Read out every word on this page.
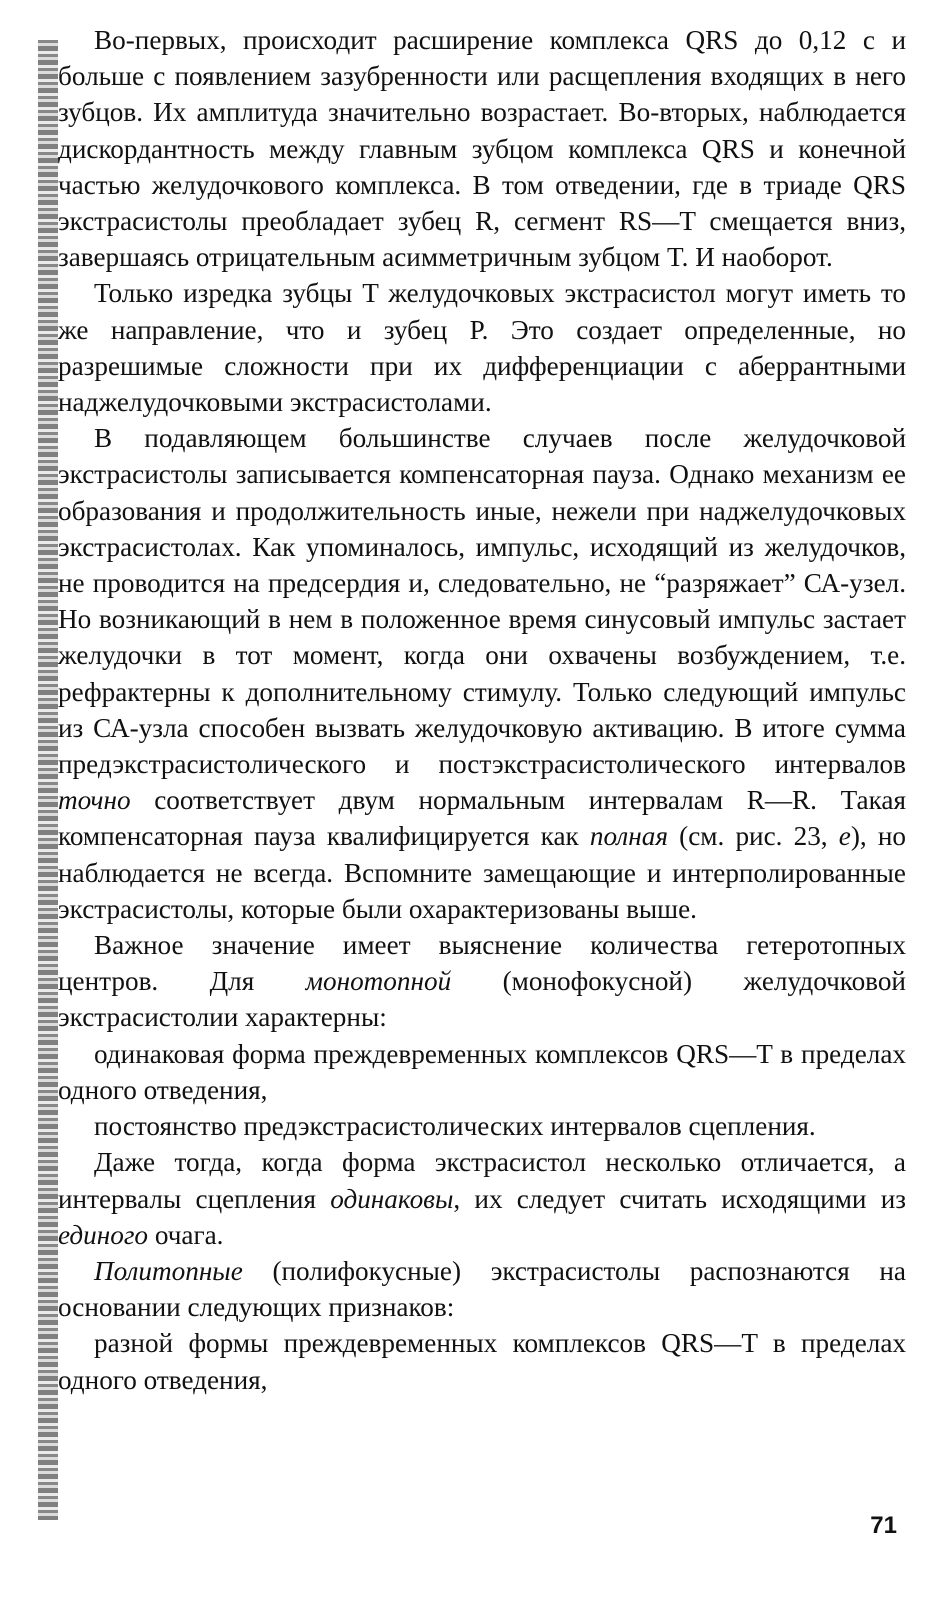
Во-первых, происходит расширение комплекса QRS до 0,12 с и больше с появлением зазубренности или расщепления входящих в него зубцов. Их амплитуда значительно возрастает. Во-вторых, наблюдается дискордантность между главным зубцом комплекса QRS и конечной частью желудочкового комплекса. В том отведении, где в триаде QRS экстрасистолы преобладает зубец R, сегмент RS—T смещается вниз, завершаясь отрицательным асимметричным зубцом T. И наоборот.

Только изредка зубцы T желудочковых экстрасистол могут иметь то же направление, что и зубец P. Это создает определенные, но разрешимые сложности при их дифференциации с аберрантными наджелудочковыми экстрасистолами.

В подавляющем большинстве случаев после желудочковой экстрасистолы записывается компенсаторная пауза. Однако механизм ее образования и продолжительность иные, нежели при наджелудочковых экстрасистолах. Как упоминалось, импульс, исходящий из желудочков, не проводится на предсердия и, следовательно, не “разряжает” СА-узел. Но возникающий в нем в положенное время синусовый импульс застает желудочки в тот момент, когда они охвачены возбуждением, т.е. рефрактерны к дополнительному стимулу. Только следующий импульс из СА-узла способен вызвать желудочковую активацию. В итоге сумма предэкстрасистолического и постэкстрасистолического интервалов точно соответствует двум нормальным интервалам R—R. Такая компенсаторная пауза квалифицируется как полная (см. рис. 23, е), но наблюдается не всегда. Вспомните замещающие и интерполированные экстрасистолы, которые были охарактеризованы выше.

Важное значение имеет выяснение количества гетеротопных центров. Для монотопной (монофокусной) желудочковой экстрасистолии характерны:

одинаковая форма преждевременных комплексов QRS—T в пределах одного отведения,

постоянство предэкстрасистолических интервалов сцепления.

Даже тогда, когда форма экстрасистол несколько отличается, а интервалы сцепления одинаковы, их следует считать исходящими из единого очага.

Политопные (полифокусные) экстрасистолы распознаются на основании следующих признаков:

разной формы преждевременных комплексов QRS—T в пределах одного отведения,

71
